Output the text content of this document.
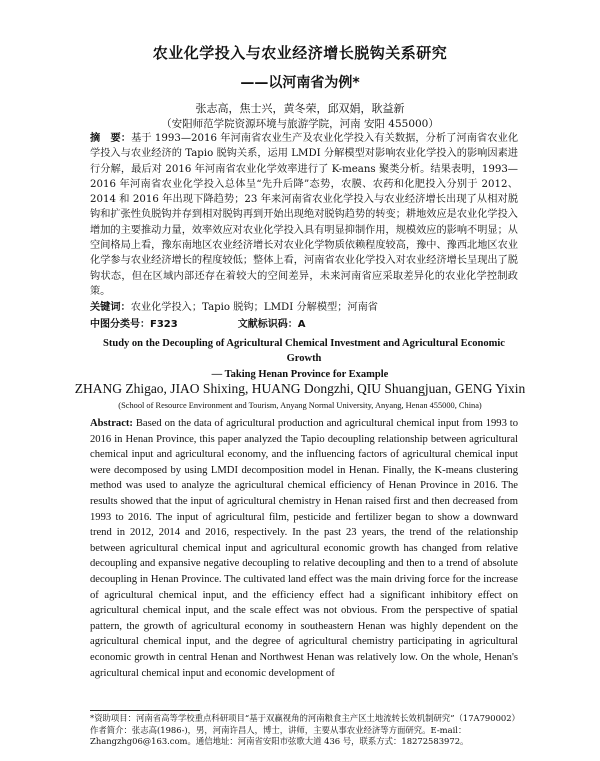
农业化学投入与农业经济增长脱钩关系研究
——以河南省为例*
张志高，焦士兴，黄冬荣，邱双娟，耿益新
（安阳师范学院资源环境与旅游学院，河南 安阳 455000）
摘　要：基于 1993—2016 年河南省农业生产及农业化学投入有关数据，分析了河南省农业化学投入与农业经济的 Tapio 脱钩关系，运用 LMDI 分解模型对影响农业化学投入的影响因素进行分解，最后对 2016 年河南省农业化学效率进行了 K-means 聚类分析。结果表明，1993—2016 年河南省农业化学投入总体呈“先升后降”态势，农膜、农药和化肥投入分别于 2012、2014 和 2016 年出现下降趋势；23 年来河南省农业化学投入与农业经济增长出现了从相对脱钩和扩张性负脱钩并存到相对脱钩再到开始出现绝对脱钩趋势的转变；耕地效应是农业化学投入增加的主要推动力量，效率效应对农业化学投入具有明显抑制作用，规模效应的影响不明显；从空间格局上看，豫东南地区农业经济增长对农业化学物质依赖程度较高，豫中、豫西北地区农业化学参与农业经济增长的程度较低；整体上看，河南省农业化学投入对农业经济增长呈现出了脱钩状态，但在区域内部还存在着较大的空间差异，未来河南省应采取差异化的农业化学控制政策。
关键词：农业化学投入；Tapio 脱钩；LMDI 分解模型；河南省
中图分类号：F323	文献标识码：A
Study on the Decoupling of Agricultural Chemical Investment and Agricultural Economic Growth
— Taking Henan Province for Example
ZHANG Zhigao, JIAO Shixing, HUANG Dongzhi, QIU Shuangjuan, GENG Yixin
(School of Resource Environment and Tourism, Anyang Normal University, Anyang, Henan 455000, China)
Abstract: Based on the data of agricultural production and agricultural chemical input from 1993 to 2016 in Henan Province, this paper analyzed the Tapio decoupling relationship between agricultural chemical input and agricultural economy, and the influencing factors of agricultural chemical input were decomposed by using LMDI decomposition model in Henan. Finally, the K-means clustering method was used to analyze the agricultural chemical efficiency of Henan Province in 2016. The results showed that the input of agricultural chemistry in Henan raised first and then decreased from 1993 to 2016. The input of agricultural film, pesticide and fertilizer began to show a downward trend in 2012, 2014 and 2016, respectively. In the past 23 years, the trend of the relationship between agricultural chemical input and agricultural economic growth has changed from relative decoupling and expansive negative decoupling to relative decoupling and then to a trend of absolute decoupling in Henan Province. The cultivated land effect was the main driving force for the increase of agricultural chemical input, and the efficiency effect had a significant inhibitory effect on agricultural chemical input, and the scale effect was not obvious. From the perspective of spatial pattern, the growth of agricultural economy in southeastern Henan was highly dependent on the agricultural chemical input, and the degree of agricultural chemistry participating in agricultural economic growth in central Henan and Northwest Henan was relatively low. On the whole, Henan's agricultural chemical input and economic development of
*资助项目：河南省高等学校重点科研项目“基于双赢视角的河南粮食主产区土地流转长效机制研究”（17A790002）
作者简介：张志高(1986-)，男，河南许昌人，博士，讲师，主要从事农业经济等方面研究。E-mail：
Zhangzhg06@163.com。通信地址：河南省安阳市弦歌大道 436 号，联系方式：18272583972。
